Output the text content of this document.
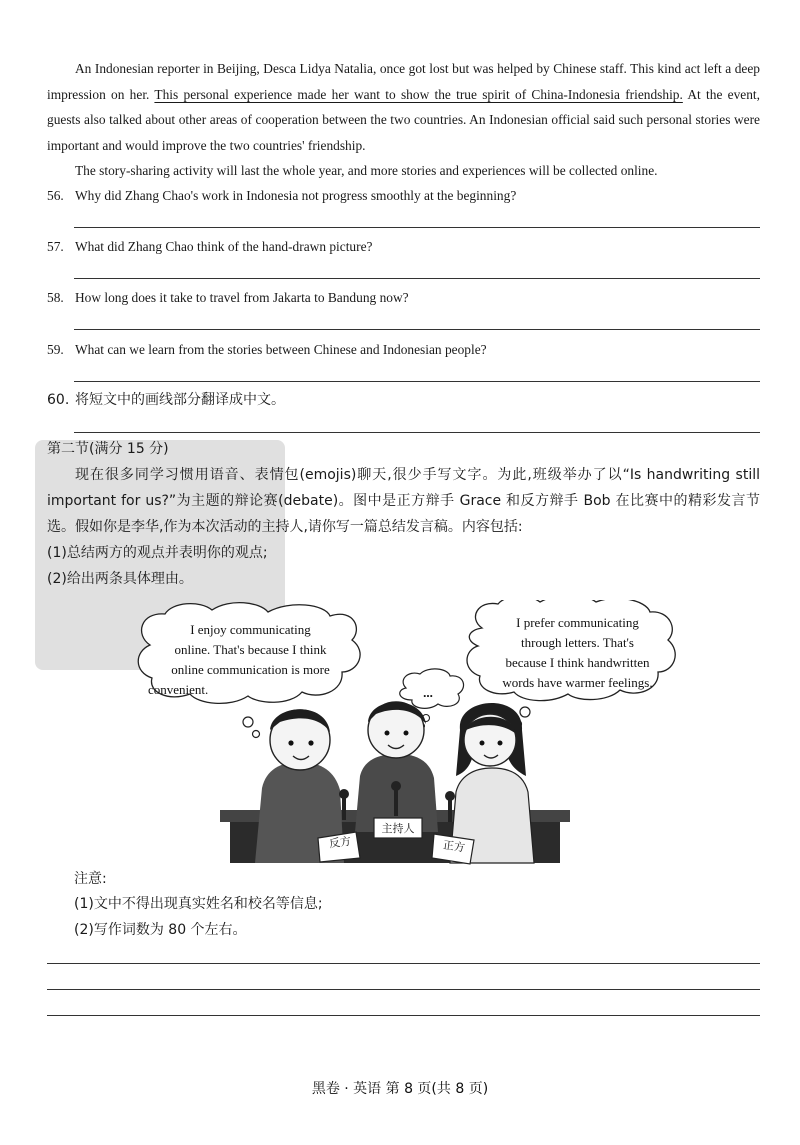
An Indonesian reporter in Beijing, Desca Lidya Natalia, once got lost but was helped by Chinese staff. This kind act left a deep impression on her. This personal experience made her want to show the true spirit of China-Indonesia friendship. At the event, guests also talked about other areas of cooperation between the two countries. An Indonesian official said such personal stories were important and would improve the two countries' friendship.
The story-sharing activity will last the whole year, and more stories and experiences will be collected online.
56. Why did Zhang Chao's work in Indonesia not progress smoothly at the beginning?
57. What did Zhang Chao think of the hand-drawn picture?
58. How long does it take to travel from Jakarta to Bandung now?
59. What can we learn from the stories between Chinese and Indonesian people?
60. 将短文中的画线部分翻译成中文。
第二节(满分 15 分)
现在很多同学习惯用语音、表情包(emojis)聊天,很少手写文字。为此,班级举办了以“Is handwriting still important for us?”为主题的辩论赛(debate)。图中是正方辩手 Grace 和反方辩手 Bob 在比赛中的精彩发言节选。假如你是李华,作为本次活动的主持人,请你写一篇总结发言稿。内容包括:
(1)总结两方的观点并表明你的观点;
(2)给出两条具体理由。
I enjoy communicating
online. That's because I think
online communication is more
convenient.
I prefer communicating
through letters. That's
because I think handwritten
words have warmer feelings.
...
反方
主持人
正方
注意:
(1)文中不得出现真实姓名和校名等信息;
(2)写作词数为 80 个左右。
黑卷 · 英语 第 8 页(共 8 页)
